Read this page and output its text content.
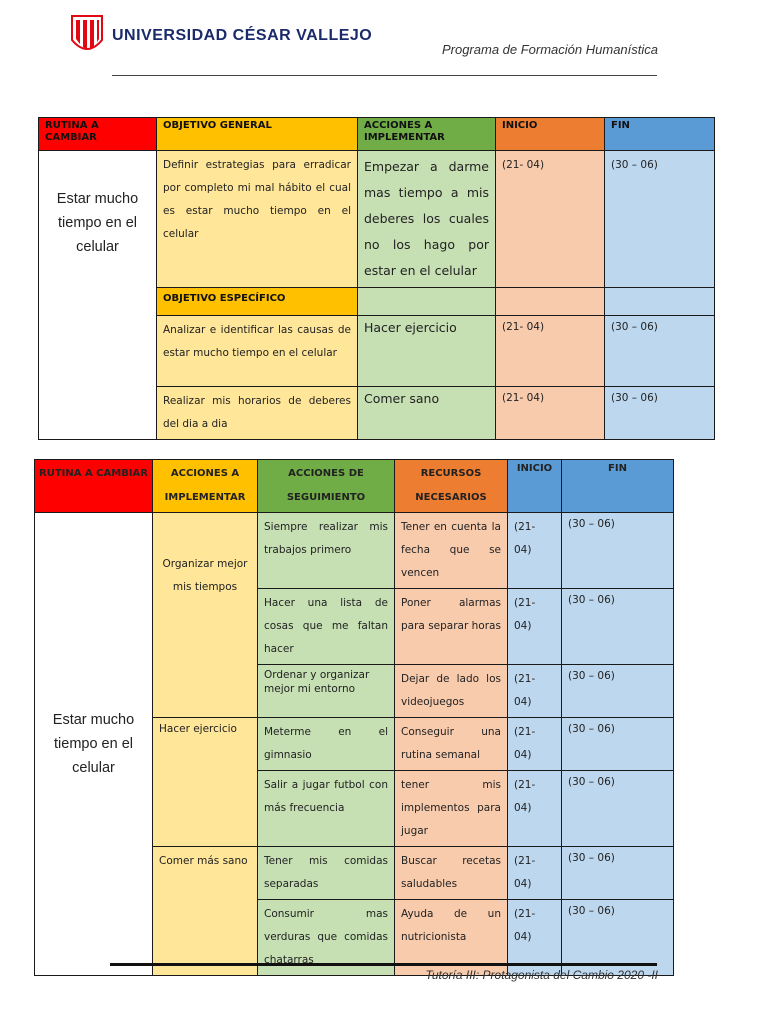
UNIVERSIDAD CÉSAR VALLEJO
Programa de Formación Humanística
RUTINA A CAMBIAR	OBJETIVO GENERAL	ACCIONES A IMPLEMENTAR	INICIO	FIN
Estar mucho tiempo en el celular	Definir estrategias para erradicar por completo mi mal hábito el cual es estar mucho tiempo en el celular	Empezar a darme mas tiempo a mis deberes los cuales no los hago por estar en el celular	(21- 04)	(30 – 06)
	OBJETIVO ESPECÍFICO			
	Analizar e identificar las causas de estar mucho tiempo en el celular	Hacer ejercicio	(21- 04)	(30 – 06)
	Realizar mis horarios de deberes del dia a dia	Comer sano	(21- 04)	(30 – 06)
RUTINA A CAMBIAR	ACCIONES A IMPLEMENTAR	ACCIONES DE SEGUIMIENTO	RECURSOS NECESARIOS	INICIO	FIN
Estar mucho tiempo en el celular	Organizar mejor mis tiempos	Siempre realizar mis trabajos primero	Tener en cuenta la fecha que se vencen	(21- 04)	(30 – 06)
		Hacer una lista de cosas que me faltan hacer	Poner alarmas para separar horas	(21- 04)	(30 – 06)
		Ordenar y organizar mejor mi entorno	Dejar de lado los videojuegos	(21- 04)	(30 – 06)
	Hacer ejercicio	Meterme en el gimnasio	Conseguir una rutina semanal	(21- 04)	(30 – 06)
		Salir a jugar futbol con más frecuencia	tener mis implementos para jugar	(21- 04)	(30 – 06)
	Comer más sano	Tener mis comidas separadas	Buscar recetas saludables	(21- 04)	(30 – 06)
		Consumir mas verduras que comidas chatarras	Ayuda de un nutricionista	(21- 04)	(30 – 06)
Tutoría III: Protagonista del Cambio 2020 -II
